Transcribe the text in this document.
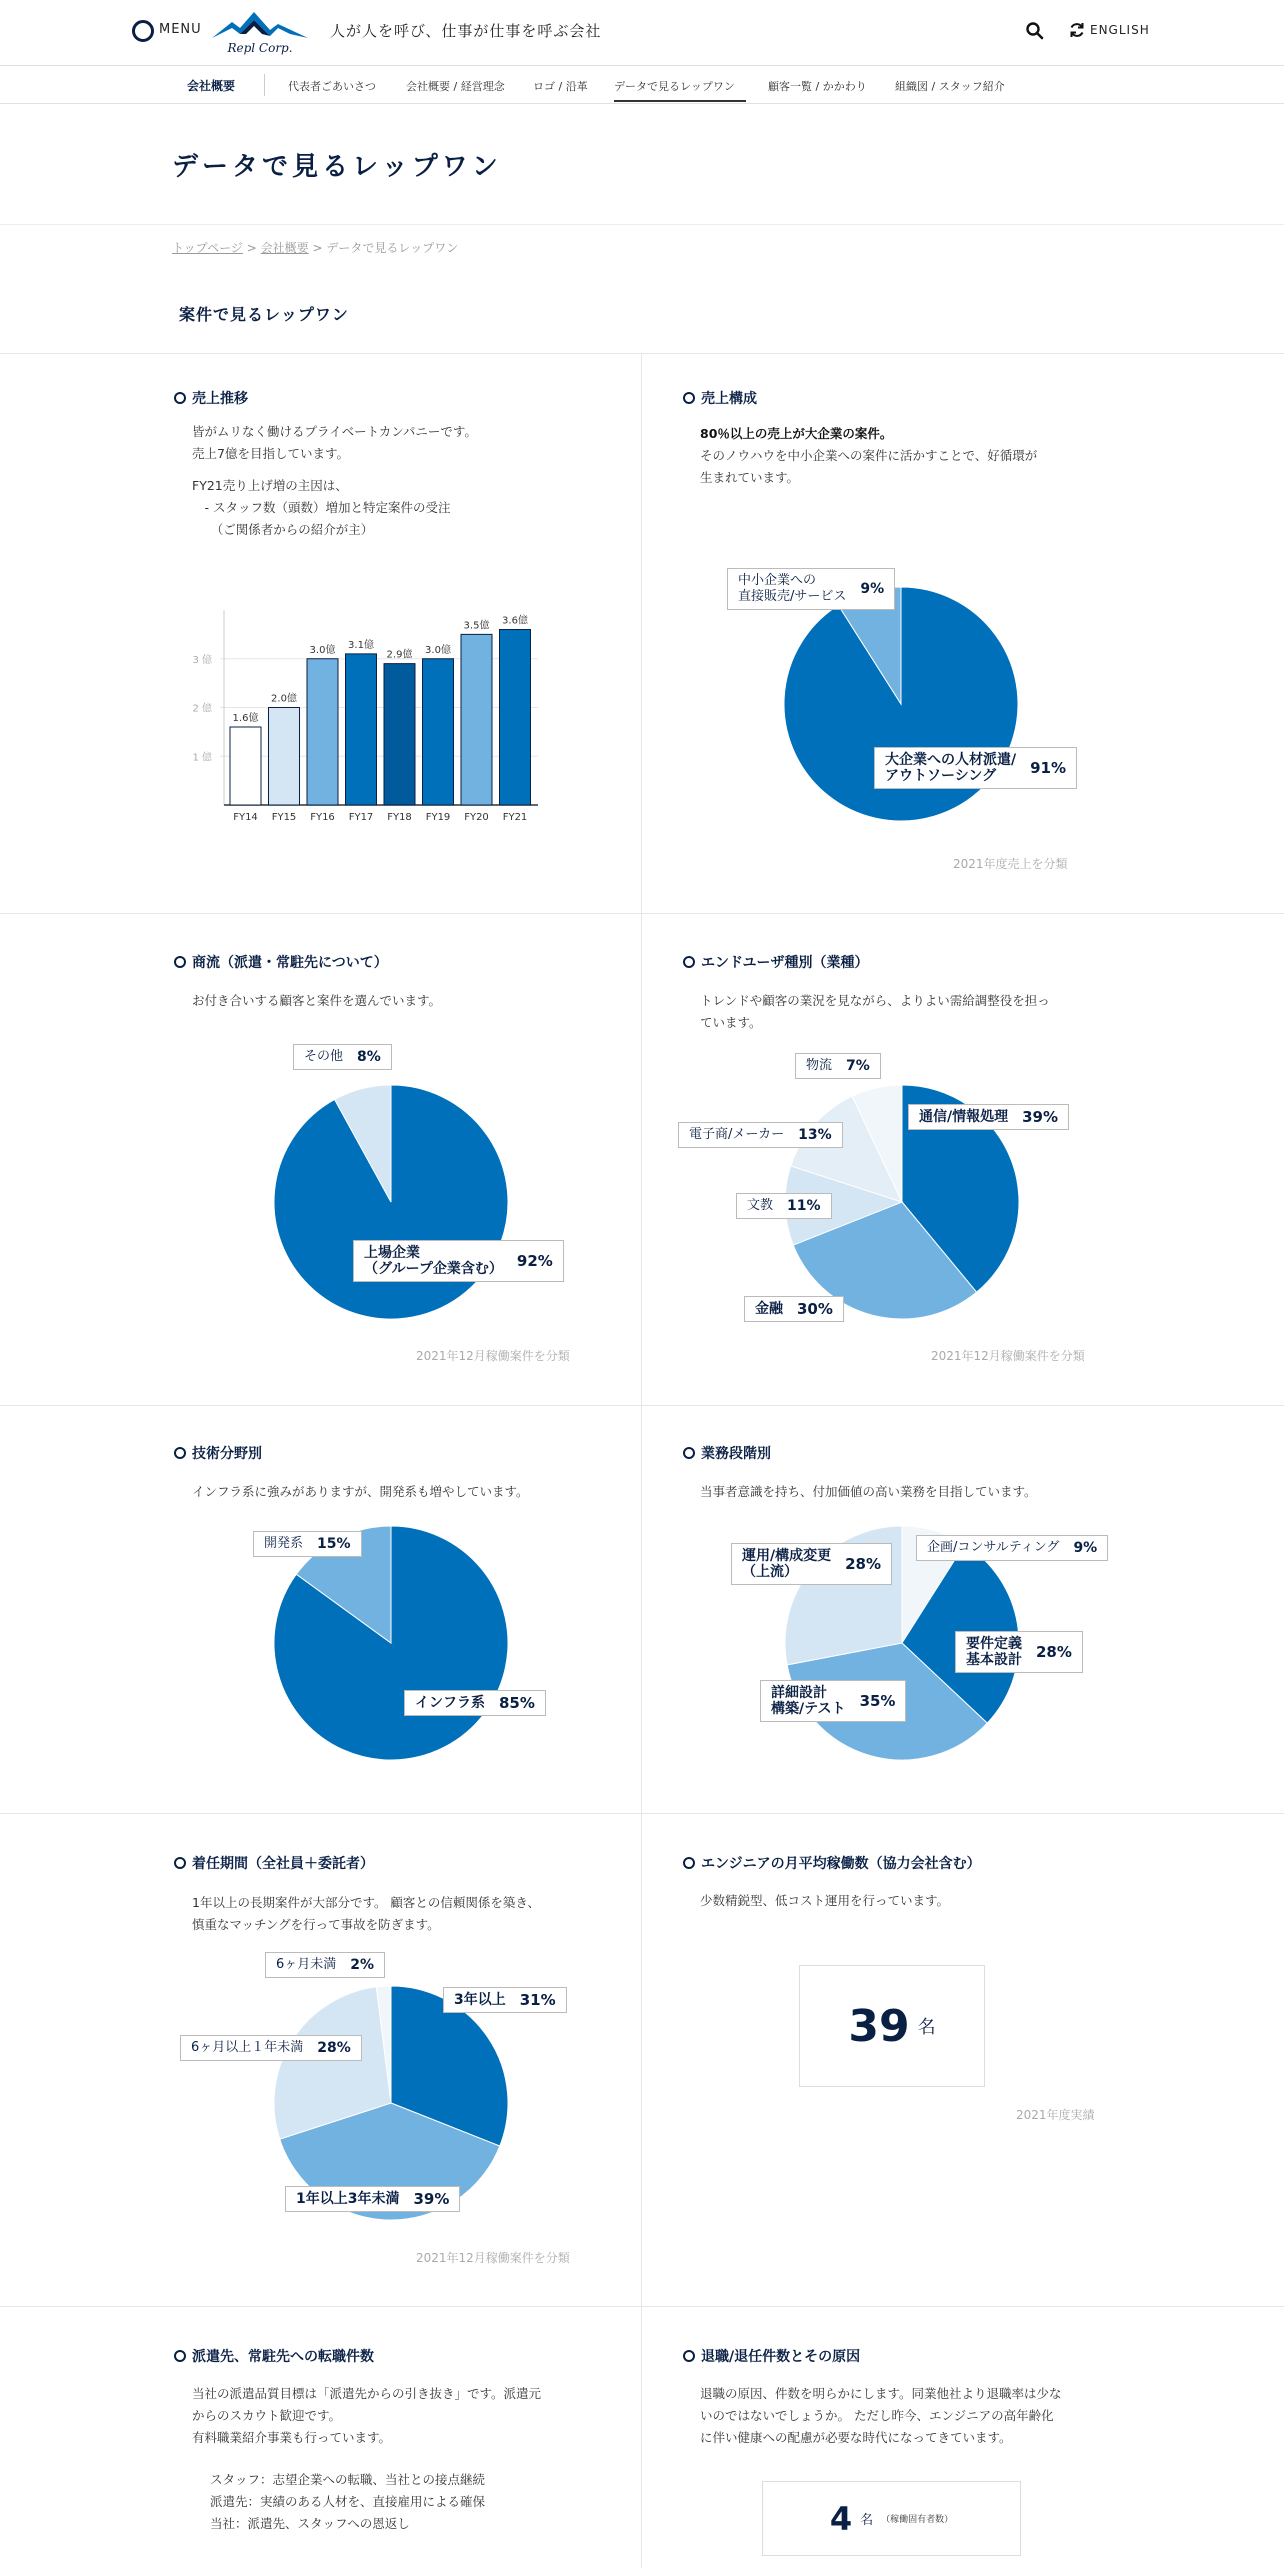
MENU
Repl Corp.
人が人を呼び、仕事が仕事を呼ぶ会社	ENGLISH
会社概要	代表者ごあいさつ	会社概要 / 経営理念	ロゴ / 沿革 データで見るレップワン	顧客一覧 / かかわり	組織図 / スタッフ紹介
データで見るレップワン
トップページ > 会社概要 > データで見るレップワン
案件で見るレップワン
売上推移
皆がムリなく働けるプライベートカンパニーです。
売上7億を目指しています。
FY21売り上げ増の主因は、
　- スタッフ数（頭数）増加と特定案件の受注
　　（ご関係者からの紹介が主）
1 億
2 億
3 億
1.6億
FY14
2.0億
FY15
3.0億
FY16
3.1億
FY17
2.9億
FY18
3.0億
FY19
3.5億
FY20
3.6億
FY21
売上構成
80％以上の売上が大企業の案件。
そのノウハウを中小企業への案件に活かすことで、好循環が
生まれています。
中小企業への
直接販売/サービス 9%
大企業への人材派遣/
アウトソーシング	91%
2021年度売上を分類
商流（派遣・常駐先について）
お付き合いする顧客と案件を選んでいます。
その他 8%
上場企業
（グループ企業含む） 92%
2021年12月稼働案件を分類
エンドユーザ種別（業種）
トレンドや顧客の業況を見ながら、よりよい需給調整役を担っ
ています。
通信/情報処理 39%
物流 7%
電子商/メーカー 13%
文教 11%
金融 30%
2021年12月稼働案件を分類
技術分野別
インフラ系に強みがありますが、開発系も増やしています。
開発系 15%
インフラ系 85%
業務段階別
当事者意識を持ち、付加価値の高い業務を目指しています。
企画/コンサルティング 9%
要件定義
基本設計 28%
詳細設計
構築/テスト 35%
運用/構成変更
（上流）	28%
着任期間（全社員＋委託者）
1年以上の長期案件が大部分です。 顧客との信頼関係を築き、
慎重なマッチングを行って事故を防ぎます。
6ヶ月未満 2%
3年以上 31%
6ヶ月以上１年未満 28%
1年以上3年未満 39%
2021年12月稼働案件を分類
エンジニアの月平均稼働数（協力会社含む）
少数精鋭型、低コスト運用を行っています。
39 名
2021年度実績
派遣先、常駐先への転職件数
当社の派遣品質目標は「派遣先からの引き抜き」です。派遣元
からのスカウト歓迎です。
有料職業紹介事業も行っています。
スタッフ：志望企業への転職、当社との接点継続
派遣先：実績のある人材を、直接雇用による確保
当社：派遣先、スタッフへの恩返し
退職/退任件数とその原因
退職の原因、件数を明らかにします。同業他社より退職率は少な
いのではないでしょうか。 ただし昨今、エンジニアの高年齢化
に伴い健康への配慮が必要な時代になってきています。
4 名 （稼働固有者数）
